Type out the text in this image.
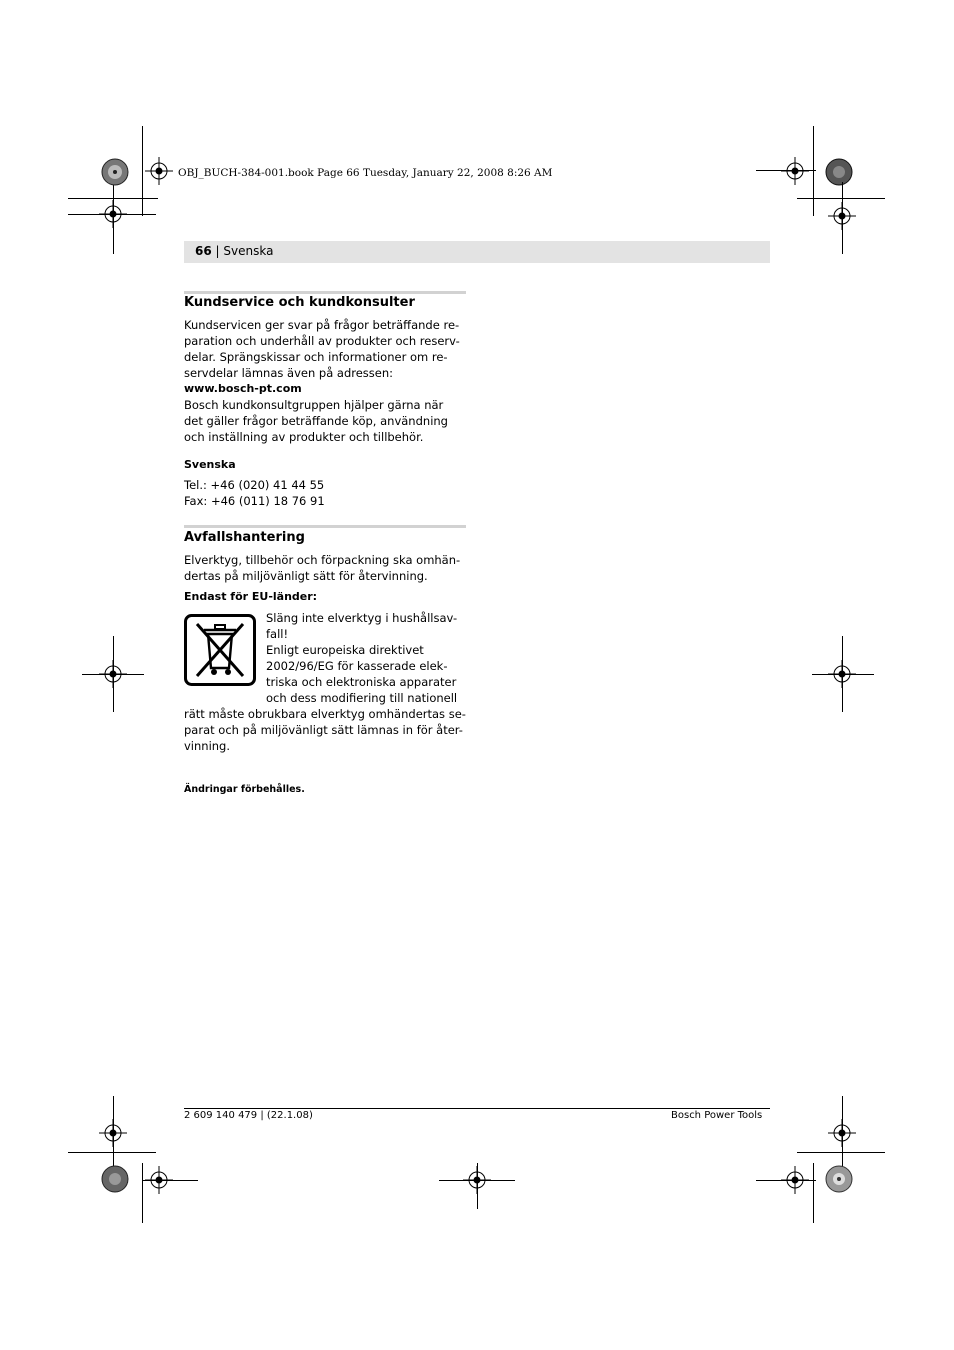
OBJ_BUCH-384-001.book Page 66 Tuesday, January 22, 2008 8:26 AM
66 | Svenska
Kundservice och kundkonsulter
Kundservicen ger svar på frågor beträffande re-
paration och underhåll av produkter och reserv-
delar. Sprängskissar och informationer om re-
servdelar lämnas även på adressen:
www.bosch-pt.com
Bosch kundkonsultgruppen hjälper gärna när
det gäller frågor beträffande köp, användning
och inställning av produkter och tillbehör.
Svenska
Tel.: +46 (020) 41 44 55
Fax: +46 (011) 18 76 91
Avfallshantering
Elverktyg, tillbehör och förpackning ska omhän-
dertas på miljövänligt sätt för återvinning.
Endast för EU-länder:
Släng inte elverktyg i hushållsav-
fall!
Enligt europeiska direktivet
2002/96/EG för kasserade elek-
triska och elektroniska apparater
och dess modifiering till nationell
rätt måste obrukbara elverktyg omhändertas se-
parat och på miljövänligt sätt lämnas in för åter-
vinning.
Ändringar förbehålles.
2 609 140 479 | (22.1.08)	Bosch Power Tools
